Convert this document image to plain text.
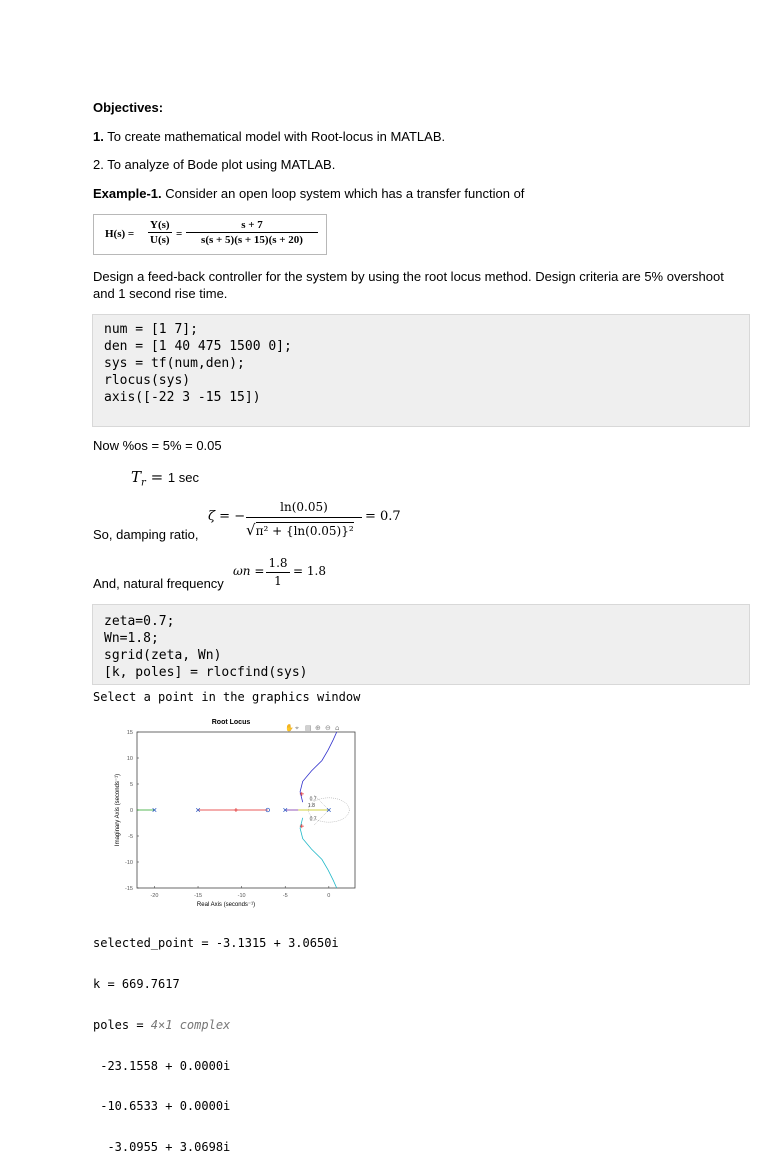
Objectives:
1. To create mathematical model with Root-locus in MATLAB.
2. To analyze of Bode plot using MATLAB.
Example-1. Consider an open loop system which has a transfer function of
$H(s) = \frac{Y(s)}{U(s)} = \frac{s + 7}{s(s + 5)(s + 15)(s + 20)}$
Design a feed-back controller for the system by using the root locus method. Design criteria are 5% overshoot and 1 second rise time.
num = [1 7];
den = [1 40 475 1500 0];
sys = tf(num,den);
rlocus(sys)
axis([-22 3 -15 15])
Now %os = 5% = 0.05
$T_r = 1$ sec
So, damping ratio,
ζ = −
ln(0.05)
√π² + {ln(0.05)}²
= 0.7
And, natural frequency
ωn =
1.8
1
= 1.8
zeta=0.7;
Wn=1.8;
sgrid(zeta, Wn)
[k, poles] = rlocfind(sys)
Select a point in the graphics window
Root Locus
✋ ⌖ ▤ ⊕ ⊖ ⌂
-20	-15	-10	-5	0
15
10
5
0
-5
-10
-15
Real Axis (seconds⁻¹)
Imaginary Axis (seconds⁻¹)	0.7
1.8
0.7

selected_point = -3.1315 + 3.0650i

k = 669.7617

poles = 4×1 complex

-23.1558 + 0.0000i

-10.6533 + 0.0000i

-3.0955 + 3.0698i
